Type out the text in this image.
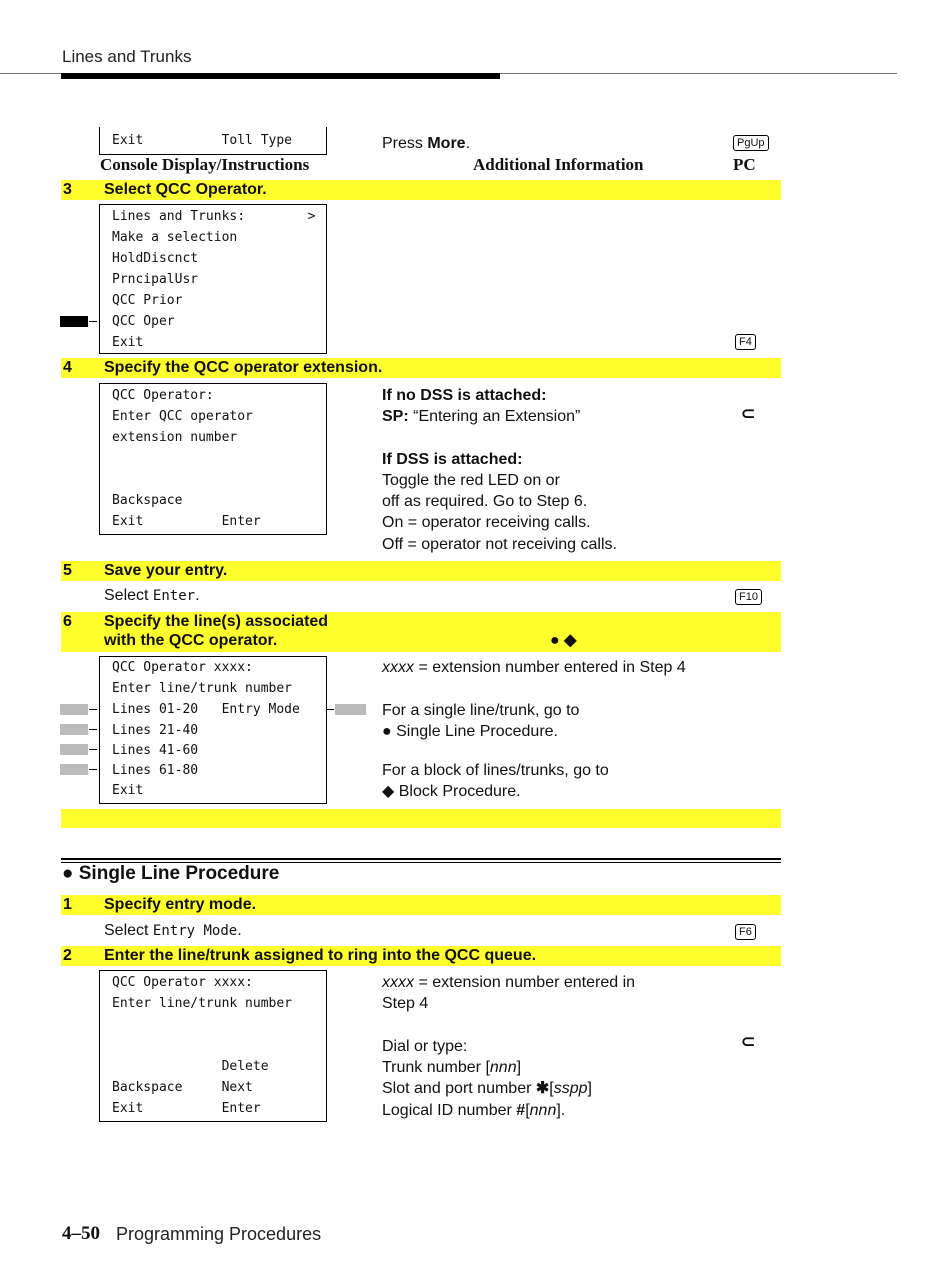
Lines and Trunks
Exit          Toll Type	Press More.	PgUp
Console Display/Instructions	Additional Information	PC
3 Select QCC Operator.
Lines and Trunks:        >
Make a selection
HoldDiscnct
PrncipalUsr
QCC Prior
QCC Oper
Exit	F4
4 Specify the QCC operator extension.
QCC Operator:
Enter QCC operator
extension number
Backspace
Exit          Enter
If no DSS is attached:
SP: “Entering an Extension”	⊂
If DSS is attached:
Toggle the red LED on or
off as required. Go to Step 6.
On = operator receiving calls.
Off = operator not receiving calls.
5 Save your entry.
Select Enter.	F10
6 Specify the line(s) associated
with the QCC operator.	● ◆
QCC Operator xxxx:
Enter line/trunk number
Lines 01-20   Entry Mode
Lines 21-40
Lines 41-60
Lines 61-80
Exit
xxxx = extension number entered in Step 4
For a single line/trunk, go to
● Single Line Procedure.
For a block of lines/trunks, go to
◆ Block Procedure.
● Single Line Procedure
1 Specify entry mode.
Select Entry Mode.	F6
2 Enter the line/trunk assigned to ring into the QCC queue.
QCC Operator xxxx:
Enter line/trunk number
Delete
Backspace     Next
Exit          Enter
xxxx = extension number entered in
Step 4
Dial or type:	⊂
Trunk number [nnn]
Slot and port number ✱[sspp]
Logical ID number #[nnn].
4–50 Programming Procedures
